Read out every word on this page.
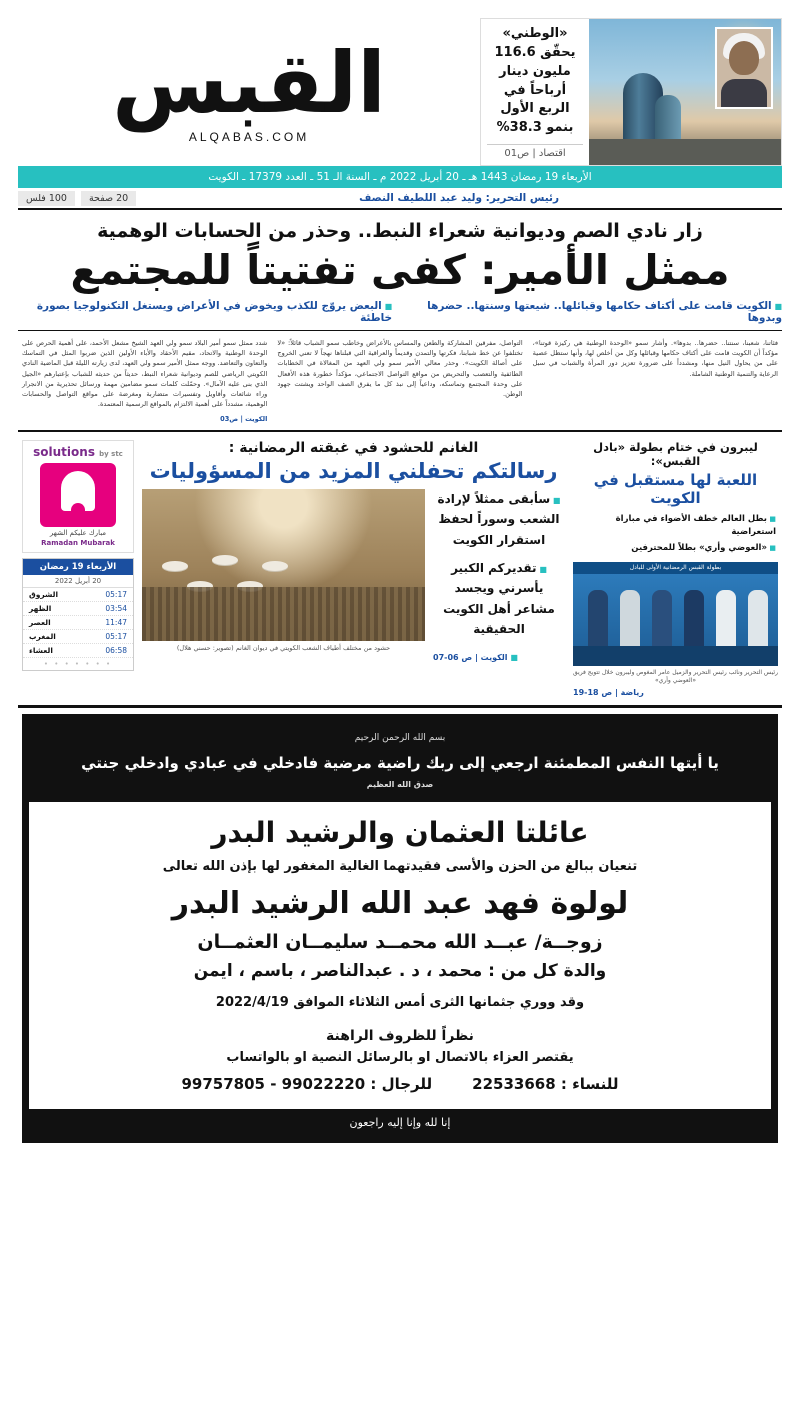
القبس
ALQABAS.COM
«الوطني»
يحقّق 116.6
مليون دينار
أرباحاً في
الربع الأول
بنمو 38.3%
اقتصاد | ص01
الأربعاء 19 رمضان 1443 هـ ـ 20 أبريل 2022 م ـ السنة الـ 51 ـ العدد 17379 ـ الكويت
100 فلس	20 صفحة	رئيس التحرير: وليد عبد اللطيف النصف
زار نادي الصم وديوانية شعراء النبط.. وحذر من الحسابات الوهمية
ممثل الأمير: كفى تفتيتاً للمجتمع
■ البعض يروّج للكذب ويخوض في الأعراض ويستغل التكنولوجيا بصورة خاطئة
■ الكويت قامت على أكتاف حكامها وقبائلها.. شيعتها وسنتها.. حضرها وبدوها
شدد ممثل سمو أمير البلاد سمو ولي العهد الشيخ مشعل الأحمد، على أهمية الحرص على الوحدة الوطنية والاتحاد، مقيم الأحقاد والأباء الأولين الذين ضربوا المثل في التماسك والتعاون والتعاضد. ووجه ممثل الأمير سمو ولي العهد، لدى زيارته الليلة قبل الماضية النادي الكويتي الرياضي للصم وديوانية شعراء النبط، حديثاً من حديثه للشباب بإعتبارهم «الجيل الذي بنى عليه الآمال». وحمّلت كلمات سمو مضامين مهمة ورسائل تحذيرية من الانجرار وراء شائعات وأقاويل وتفسيرات متضاربة ومغرضة على مواقع التواصل والحسابات الوهمية، مشدداً على أهمية الالتزام بالمواقع الرسمية المعتمدة.
الكويت | ص03
التواصل، مفرقين المشاركة والطعن والمساس بالأعراض وخاطب سمو الشباب قائلاً: «لا تختلفوا عن خط شبابنا، فكرتها والتمدن وقديماً والعراقية التي قبلناها نهجاً لا تعني الخروج على أصالة الكويت». وحذر معالي الأمير سمو ولي العهد من المغالاة في الخطابات الطائفية والتعصب والتحريض من مواقع التواصل الاجتماعي، مؤكداً خطورة هذه الأفعال على وحدة المجتمع وتماسكه، وداعياً إلى نبذ كل ما يفرق الصف الواحد ويشتت جهود الوطن.
فئاتنا، شعبنا، سنتنا.. حضرها.. بدوها». وأشار سمو «الوحدة الوطنية هي ركيزة قوتنا»، مؤكداً أن الكويت قامت على أكتاف حكامها وقبائلها وكل من أخلص لها، وأنها ستظل عصية على من يحاول النيل منها، ومشدداً على ضرورة تعزيز دور المرأة والشباب في سبل الرعاية والتنمية الوطنية الشاملة.
solutions by stc
مبارك عليكم الشهر
Ramadan Mubarak
الأربعاء 19 رمضان
20 أبريل 2022
الشروق	05:17
الظهر	03:54
العصر	11:47
المغرب	05:17
العشاء	06:58
• • • • • • •
الغانم للحشود في غبقته الرمضانية :
رسالتكم تحفلني المزيد من المسؤوليات
حشود من مختلف أطياف الشعب الكويتي في ديوان الغانم (تصوير: حسني هلال)
■ سأبقى ممثلاً لإرادة الشعب وسوراً لحفظ استقرار الكويت
■ تقديركم الكبير يأسرني ويجسد مشاعر أهل الكويت الحقيقية
■ الكويت | ص 06-07
ليبرون في ختام بطولة «بادل القبس»:
اللعبة لها مستقبل في الكويت
■ بطل العالم خطف الأضواء في مباراة استعراضية
■ «العوضي وأري» بطلاً للمحترفين
بطولة القبس الرمضانية الأولى للبادل
رئيس التحرير ونائب رئيس التحرير والزميل عامر المغوص وليبرون خلال تتويج فريق «العوضي وأري»
رياضة | ص 18-19
بسم الله الرحمن الرحيم
يا أيتها النفس المطمئنة ارجعي إلى ربك راضية مرضية فادخلي في عبادي وادخلي جنتي
صدق الله العظيم
عائلتا العثمان والرشيد البدر
تنعيان ببالغ من الحزن والأسى فقيدتهما الغالية المغفور لها بإذن الله تعالى
لولوة فهد عبد الله الرشيد البدر
زوجــة/ عبــد الله محمــد سليمــان العثمــان
والدة كل من : محمد ، د . عبدالناصر ، باسم ، ايمن
وقد ووري جثمانها الثرى أمس الثلاثاء الموافق 2022/4/19
نظراً للظروف الراهنة
يقتصر العزاء بالاتصال او بالرسائل النصية او بالواتساب
للرجال : 99022220 - 99757805	للنساء : 22533668
إنا لله وإنا إليه راجعون
